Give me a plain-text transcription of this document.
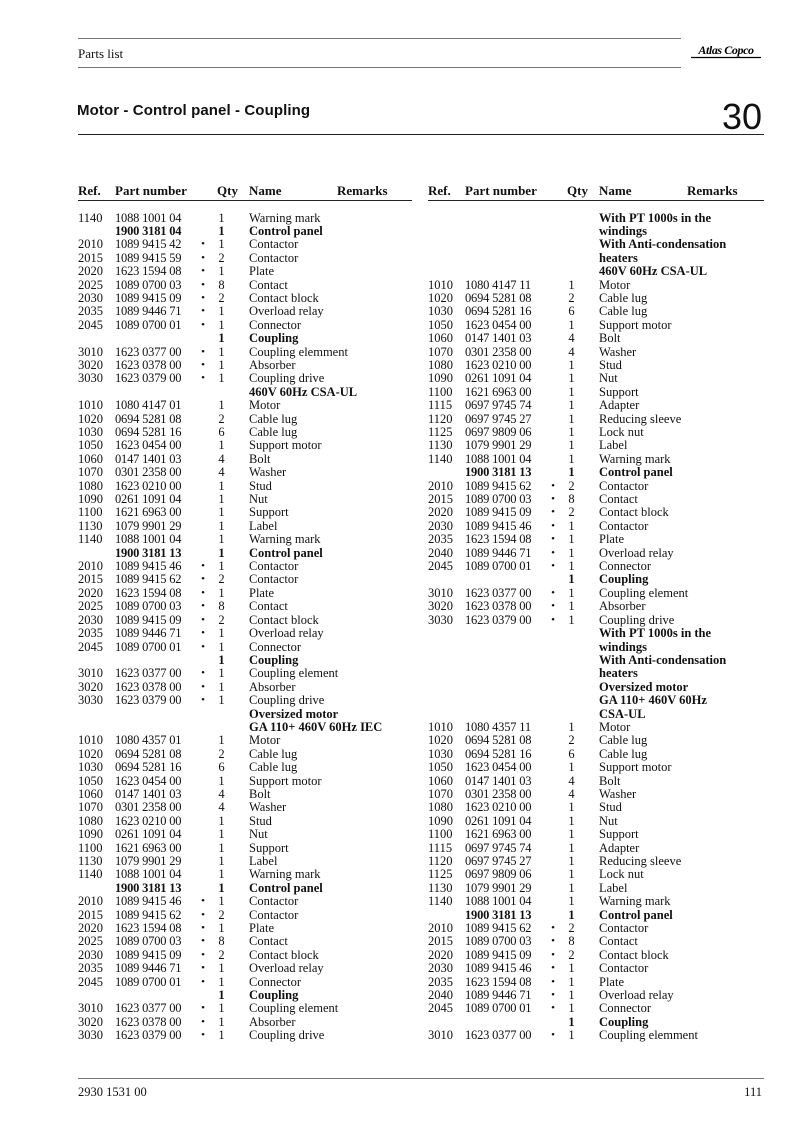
Parts list	Atlas Copco
Motor - Control panel - Coupling	30
Ref. Part number Qty Name	Remarks
1140 1088 1001 04	1 Warning mark
1900 3181 04	1 Control panel
2010 1089 9415 42 • 1 Contactor
2015 1089 9415 59 • 2 Contactor
2020 1623 1594 08 • 1 Plate
2025 1089 0700 03 • 8 Contact
2030 1089 9415 09 • 2 Contact block
2035 1089 9446 71 • 1 Overload relay
2045 1089 0700 01 • 1 Connector
1 Coupling
3010 1623 0377 00 • 1 Coupling elemment
3020 1623 0378 00 • 1 Absorber
3030 1623 0379 00 • 1 Coupling drive
460V 60Hz CSA-UL
1010 1080 4147 01	1 Motor
1020 0694 5281 08	2 Cable lug
1030 0694 5281 16	6 Cable lug
1050 1623 0454 00	1 Support motor
1060 0147 1401 03	4 Bolt
1070 0301 2358 00	4 Washer
1080 1623 0210 00	1 Stud
1090 0261 1091 04	1 Nut
1100 1621 6963 00	1 Support
1130 1079 9901 29	1 Label
1140 1088 1001 04	1 Warning mark
1900 3181 13	1 Control panel
2010 1089 9415 46 • 1 Contactor
2015 1089 9415 62 • 2 Contactor
2020 1623 1594 08 • 1 Plate
2025 1089 0700 03 • 8 Contact
2030 1089 9415 09 • 2 Contact block
2035 1089 9446 71 • 1 Overload relay
2045 1089 0700 01 • 1 Connector
1 Coupling
3010 1623 0377 00 • 1 Coupling element
3020 1623 0378 00 • 1 Absorber
3030 1623 0379 00 • 1 Coupling drive
Oversized motor
GA 110+ 460V 60Hz IEC
1010 1080 4357 01	1 Motor
1020 0694 5281 08	2 Cable lug
1030 0694 5281 16	6 Cable lug
1050 1623 0454 00	1 Support motor
1060 0147 1401 03	4 Bolt
1070 0301 2358 00	4 Washer
1080 1623 0210 00	1 Stud
1090 0261 1091 04	1 Nut
1100 1621 6963 00	1 Support
1130 1079 9901 29	1 Label
1140 1088 1001 04	1 Warning mark
1900 3181 13	1 Control panel
2010 1089 9415 46 • 1 Contactor
2015 1089 9415 62 • 2 Contactor
2020 1623 1594 08 • 1 Plate
2025 1089 0700 03 • 8 Contact
2030 1089 9415 09 • 2 Contact block
2035 1089 9446 71 • 1 Overload relay
2045 1089 0700 01 • 1 Connector
1 Coupling
3010 1623 0377 00 • 1 Coupling element
3020 1623 0378 00 • 1 Absorber
3030 1623 0379 00 • 1 Coupling drive
Ref. Part number Qty Name	Remarks
With PT 1000s in the
windings
With Anti-condensation
heaters
460V 60Hz CSA-UL
1010 1080 4147 11	1 Motor
1020 0694 5281 08	2 Cable lug
1030 0694 5281 16	6 Cable lug
1050 1623 0454 00	1 Support motor
1060 0147 1401 03	4 Bolt
1070 0301 2358 00	4 Washer
1080 1623 0210 00	1 Stud
1090 0261 1091 04	1 Nut
1100 1621 6963 00	1 Support
1115 0697 9745 74	1 Adapter
1120 0697 9745 27	1 Reducing sleeve
1125 0697 9809 06	1 Lock nut
1130 1079 9901 29	1 Label
1140 1088 1001 04	1 Warning mark
1900 3181 13	1 Control panel
2010 1089 9415 62 • 2 Contactor
2015 1089 0700 03 • 8 Contact
2020 1089 9415 09 • 2 Contact block
2030 1089 9415 46 • 1 Contactor
2035 1623 1594 08 • 1 Plate
2040 1089 9446 71 • 1 Overload relay
2045 1089 0700 01 • 1 Connector
1 Coupling
3010 1623 0377 00 • 1 Coupling element
3020 1623 0378 00 • 1 Absorber
3030 1623 0379 00 • 1 Coupling drive
With PT 1000s in the
windings
With Anti-condensation
heaters
Oversized motor
GA 110+ 460V 60Hz
CSA-UL
1010 1080 4357 11	1 Motor
1020 0694 5281 08	2 Cable lug
1030 0694 5281 16	6 Cable lug
1050 1623 0454 00	1 Support motor
1060 0147 1401 03	4 Bolt
1070 0301 2358 00	4 Washer
1080 1623 0210 00	1 Stud
1090 0261 1091 04	1 Nut
1100 1621 6963 00	1 Support
1115 0697 9745 74	1 Adapter
1120 0697 9745 27	1 Reducing sleeve
1125 0697 9809 06	1 Lock nut
1130 1079 9901 29	1 Label
1140 1088 1001 04	1 Warning mark
1900 3181 13	1 Control panel
2010 1089 9415 62 • 2 Contactor
2015 1089 0700 03 • 8 Contact
2020 1089 9415 09 • 2 Contact block
2030 1089 9415 46 • 1 Contactor
2035 1623 1594 08 • 1 Plate
2040 1089 9446 71 • 1 Overload relay
2045 1089 0700 01 • 1 Connector
1 Coupling
3010 1623 0377 00 • 1 Coupling elemment
2930 1531 00	111
